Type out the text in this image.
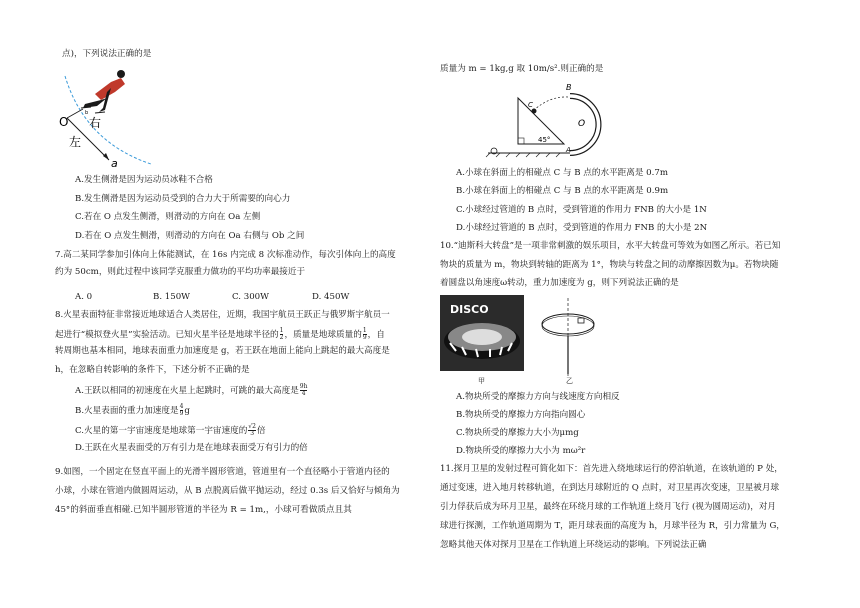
点)，下列说法正确的是
O
左
右
a
b
A.发生侧滑是因为运动员冰鞋不合格
B.发生侧滑是因为运动员受到的合力大于所需要的向心力
C.若在 O 点发生侧滑，则滑动的方向在 Oa 左侧
D.若在 O 点发生侧滑，则滑动的方向在 Oa 右侧与 Ob 之间
7.高二某同学参加引体向上体能测试，在 16s 内完成 8 次标准动作，每次引体向上的高度
约为 50cm，则此过程中该同学克服重力做功的平均功率最接近于
A. 0	B. 150W	C. 300W	D. 450W
8.火星表面特征非常接近地球适合人类居住，近期，我国宇航员王跃正与俄罗斯宇航员一
起进行“模拟登火星”实验活动。已知火星半径是地球半径的 $\frac{1}{2}$ ，质量是地球质量的 $\frac{1}{9}$ ，自
转周期也基本相同，地球表面重力加速度是 g，若王跃在地面上能向上跳起的最大高度是
h，在忽略自转影响的条件下，下述分析不正确的是
A.王跃以相同的初速度在火星上起跳时，可跳的最大高度是 $\frac{9h}{4}$
B.火星表面的重力加速度是 $\frac{4}{9}$ g
C.火星的第一宇宙速度是地球第一宇宙速度的 $\frac{√2}{3}$ 倍
D.王跃在火星表面受的万有引力是在地球表面受万有引力的倍
9.如图，一个固定在竖直平面上的光滑半圆形管道，管道里有一个直径略小于管道内径的
小球，小球在管道内做圆周运动，从 B 点脱离后做平抛运动，经过 0.3s 后又恰好与倾角为
45°的斜面垂直相碰.已知半圆形管道的半径为 R = 1m,，小球可看做质点且其
质量为 m = 1kg,g 取 10m/s².则正确的是
B
C
O
A
45°
A.小球在斜面上的相碰点 C 与 B 点的水平距离是 0.7m
B.小球在斜面上的相碰点 C 与 B 点的水平距离是 0.9m
C.小球经过管道的 B 点时，受到管道的作用力 FNB 的大小是 1N
D.小球经过管道的 B 点时，受到管道的作用力 FNB 的大小是 2N
10.“迪斯科大转盘”是一项非常刺激的娱乐项目，水平大转盘可等效为如图乙所示。若已知
物块的质量为 m，物块到转轴的距离为 1°，物块与转盘之间的动摩擦因数为μ。若物块随
着圆盘以角速度ω转动，重力加速度为 g，则下列说法正确的是
DISCO
甲	乙
A.物块所受的摩擦力方向与线速度方向相反
B.物块所受的摩擦力方向指向圆心
C.物块所受的摩擦力大小为μmg
D.物块所受的摩擦力大小为 mω²r
11.探月卫星的发射过程可简化如下：首先进入绕地球运行的停泊轨道，在该轨道的 P 处，
通过变速，进入地月转移轨道，在到达月球附近的 Q 点时，对卫星再次变速，卫星被月球
引力俘获后成为环月卫星，最终在环绕月球的工作轨道上绕月飞行 (视为圆周运动)，对月
球进行探测，工作轨道周期为 T，距月球表面的高度为 h，月球半径为 R，引力常量为 G，
忽略其他天体对探月卫星在工作轨道上环绕运动的影响。下列说法正确
